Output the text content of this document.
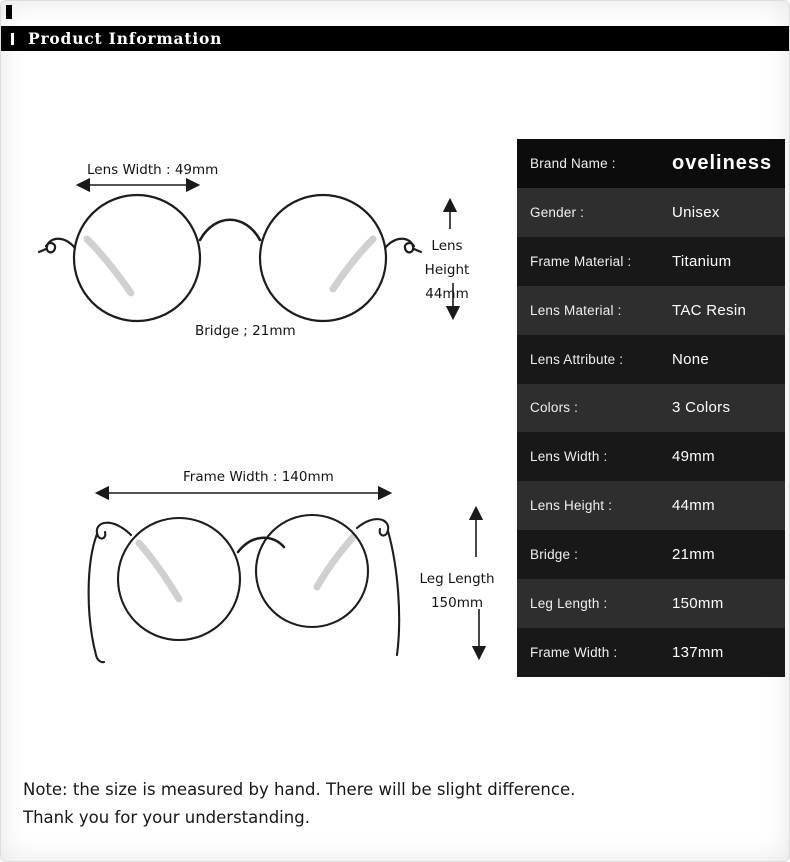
Product Information
Lens Width : 49mm
Lens Height
44mm
Bridge ; 21mm
Frame Width : 140mm
Leg Length
150mm
Brand Name :	oveliness
Gender :	Unisex
Frame Material :	Titanium
Lens Material :	TAC Resin
Lens Attribute :	None
Colors :	3 Colors
Lens Width :	49mm
Lens Height :	44mm
Bridge :	21mm
Leg Length :	150mm
Frame Width :	137mm
Note: the size is measured by hand. There will be slight difference.
Thank you for your understanding.
